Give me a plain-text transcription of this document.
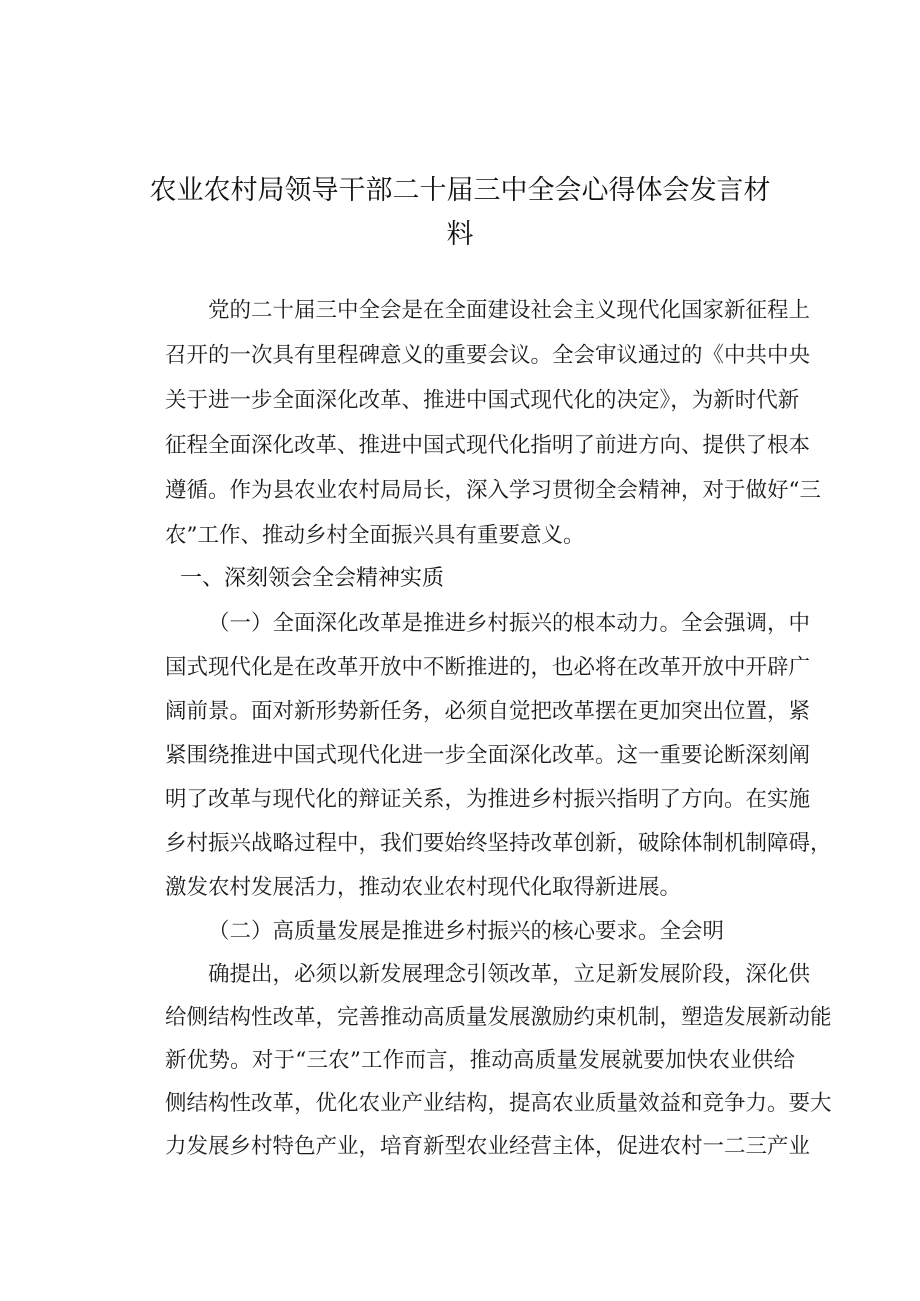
农业农村局领导干部二十届三中全会心得体会发言材
料
党的二十届三中全会是在全面建设社会主义现代化国家新征程上
召开的一次具有里程碑意义的重要会议。全会审议通过的《中共中央
关于进一步全面深化改革、推进中国式现代化的决定》，为新时代新
征程全面深化改革、推进中国式现代化指明了前进方向、提供了根本
遵循。作为县农业农村局局长，深入学习贯彻全会精神，对于做好“三
农”工作、推动乡村全面振兴具有重要意义。
一、深刻领会全会精神实质
（一）全面深化改革是推进乡村振兴的根本动力。全会强调，中
国式现代化是在改革开放中不断推进的，也必将在改革开放中开辟广
阔前景。面对新形势新任务，必须自觉把改革摆在更加突出位置，紧
紧围绕推进中国式现代化进一步全面深化改革。这一重要论断深刻阐
明了改革与现代化的辩证关系，为推进乡村振兴指明了方向。在实施
乡村振兴战略过程中，我们要始终坚持改革创新，破除体制机制障碍，
激发农村发展活力，推动农业农村现代化取得新进展。
（二）高质量发展是推进乡村振兴的核心要求。全会明
确提出，必须以新发展理念引领改革，立足新发展阶段，深化供
给侧结构性改革，完善推动高质量发展激励约束机制，塑造发展新动能
新优势。对于“三农”工作而言，推动高质量发展就要加快农业供给
侧结构性改革，优化农业产业结构，提高农业质量效益和竞争力。要大
力发展乡村特色产业，培育新型农业经营主体，促进农村一二三产业
